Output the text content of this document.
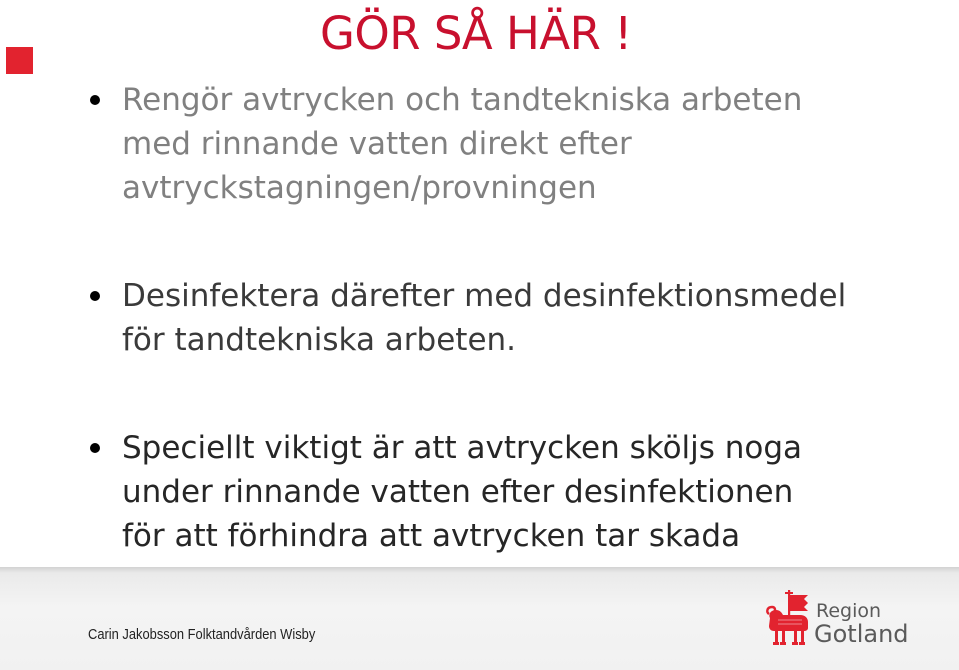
GÖR SÅ HÄR !
Rengör avtrycken och tandtekniska arbeten
med rinnande vatten direkt efter
avtryckstagningen/provningen
Desinfektera därefter med desinfektionsmedel
för tandtekniska arbeten.
Speciellt viktigt är att avtrycken sköljs noga
under rinnande vatten efter desinfektionen
för att förhindra att avtrycken tar skada
Carin Jakobsson Folktandvården Wisby
Region
Gotland
